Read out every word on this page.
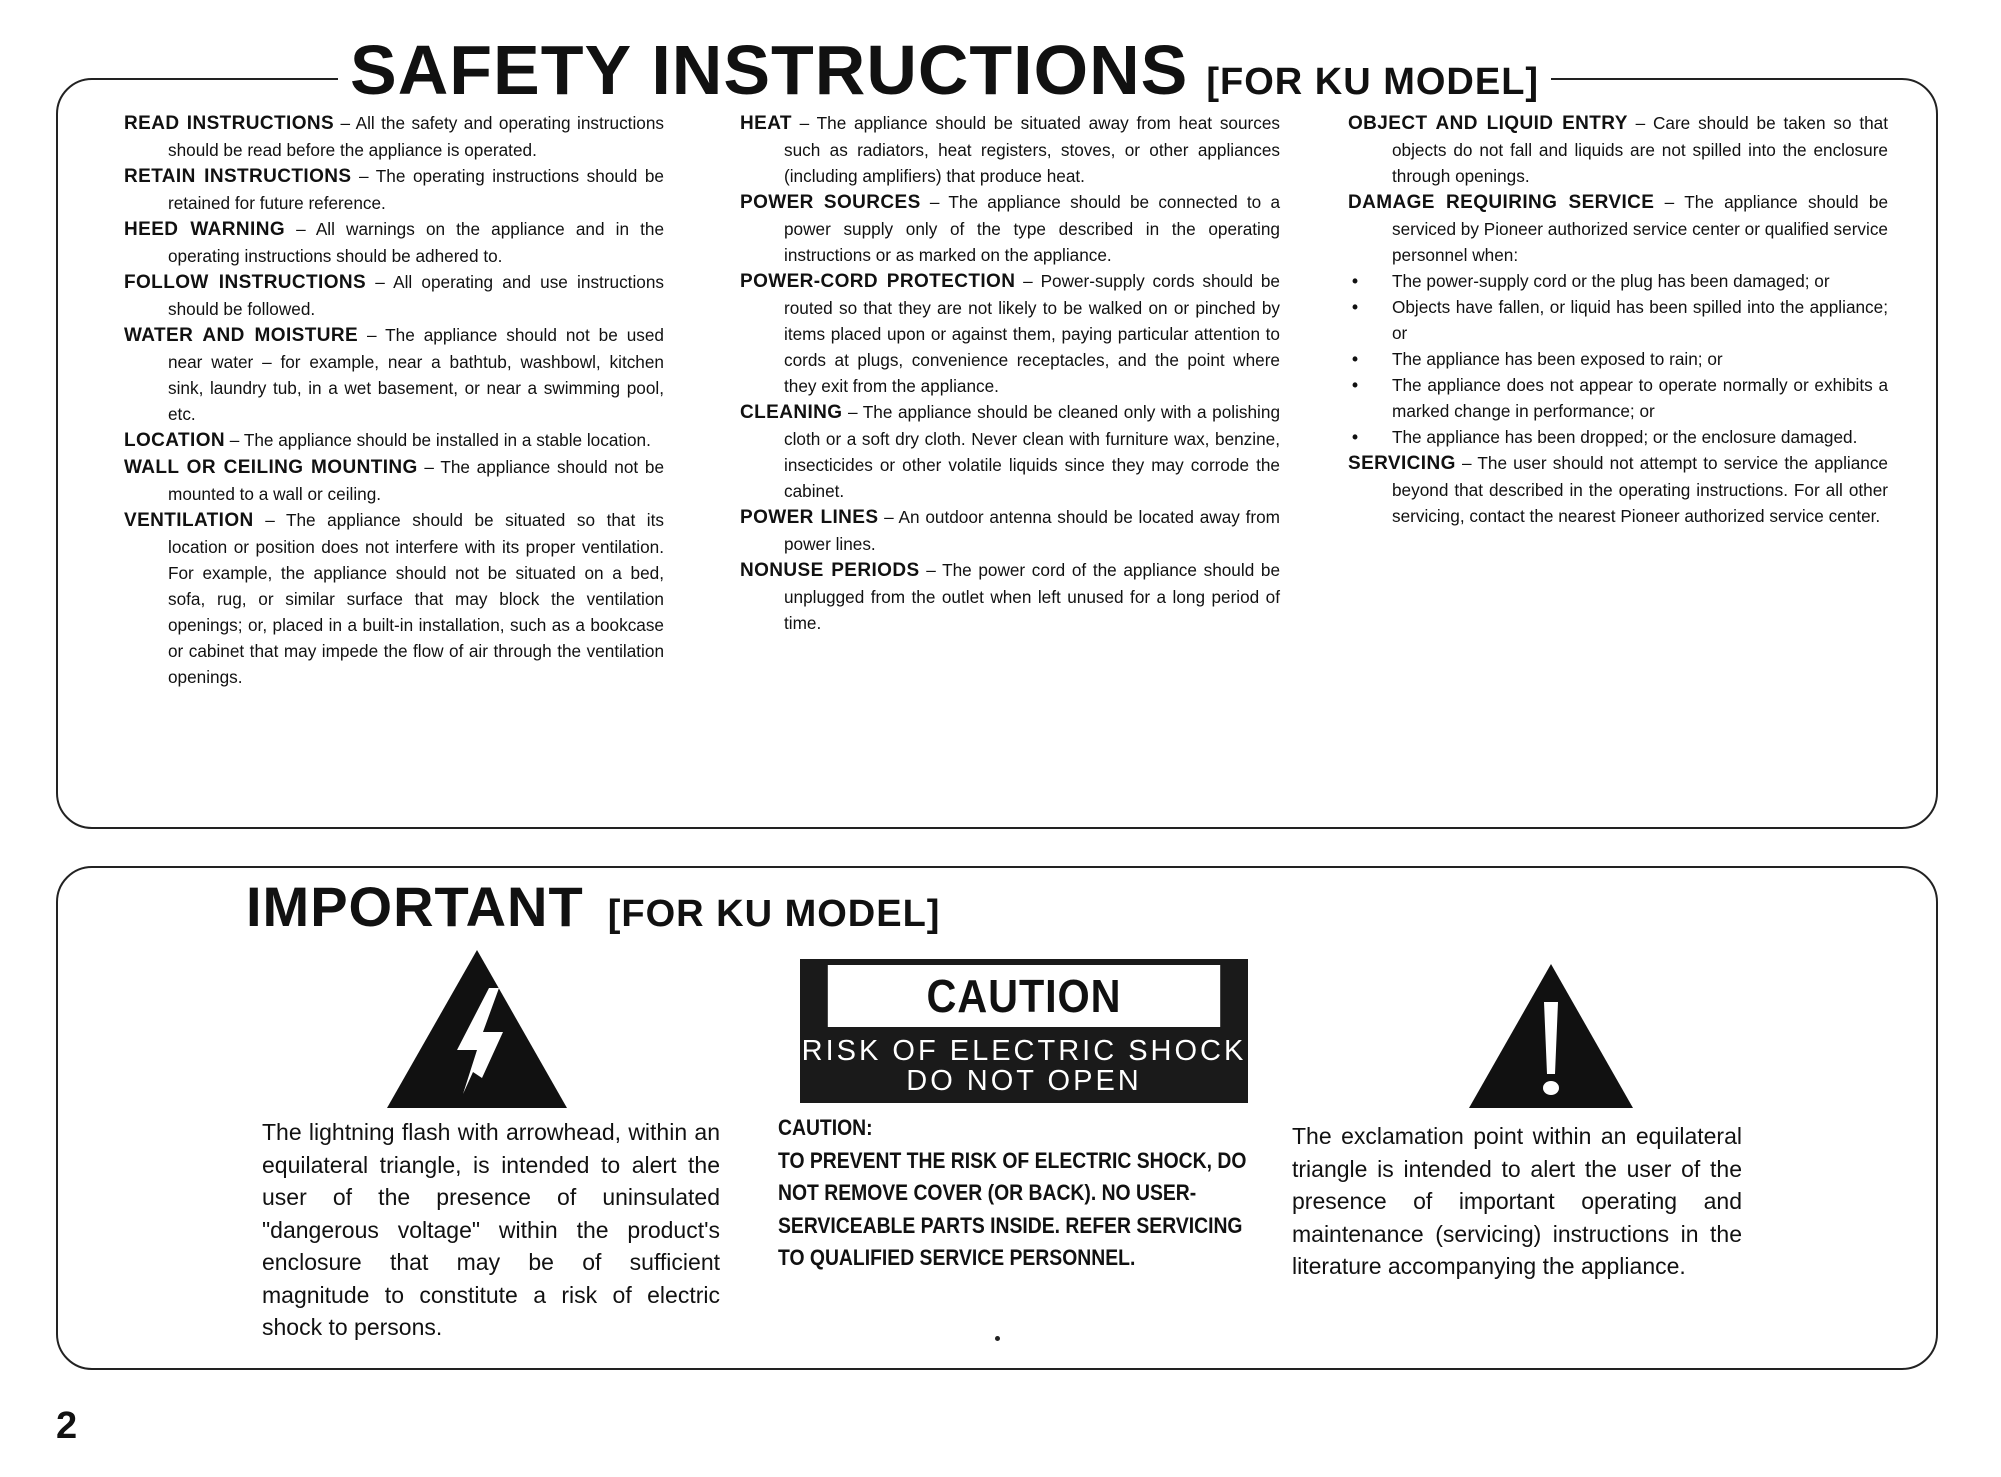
SAFETY INSTRUCTIONS [FOR KU MODEL]

READ INSTRUCTIONS – All the safety and operating instructions should be read before the appliance is operated.

RETAIN INSTRUCTIONS – The operating instructions should be retained for future reference.

HEED WARNING – All warnings on the appliance and in the operating instructions should be adhered to.

FOLLOW INSTRUCTIONS – All operating and use instructions should be followed.

WATER AND MOISTURE – The appliance should not be used near water – for example, near a bathtub, washbowl, kitchen sink, laundry tub, in a wet basement, or near a swimming pool, etc.

LOCATION – The appliance should be installed in a stable location.

WALL OR CEILING MOUNTING – The appliance should not be mounted to a wall or ceiling.

VENTILATION – The appliance should be situated so that its location or position does not interfere with its proper ventilation. For example, the appliance should not be situated on a bed, sofa, rug, or similar surface that may block the ventilation openings; or, placed in a built-in installation, such as a bookcase or cabinet that may impede the flow of air through the ventilation openings.

HEAT – The appliance should be situated away from heat sources such as radiators, heat registers, stoves, or other appliances (including amplifiers) that produce heat.

POWER SOURCES – The appliance should be connected to a power supply only of the type described in the operating instructions or as marked on the appliance.

POWER-CORD PROTECTION – Power-supply cords should be routed so that they are not likely to be walked on or pinched by items placed upon or against them, paying particular attention to cords at plugs, convenience receptacles, and the point where they exit from the appliance.

CLEANING – The appliance should be cleaned only with a polishing cloth or a soft dry cloth. Never clean with furniture wax, benzine, insecticides or other volatile liquids since they may corrode the cabinet.

POWER LINES – An outdoor antenna should be located away from power lines.

NONUSE PERIODS – The power cord of the appliance should be unplugged from the outlet when left unused for a long period of time.

OBJECT AND LIQUID ENTRY – Care should be taken so that objects do not fall and liquids are not spilled into the enclosure through openings.

DAMAGE REQUIRING SERVICE – The appliance should be serviced by Pioneer authorized service center or qualified service personnel when:

• The power-supply cord or the plug has been damaged; or
• Objects have fallen, or liquid has been spilled into the appliance; or
• The appliance has been exposed to rain; or
• The appliance does not appear to operate normally or exhibits a marked change in performance; or
• The appliance has been dropped; or the enclosure damaged.

SERVICING – The user should not attempt to service the appliance beyond that described in the operating instructions. For all other servicing, contact the nearest Pioneer authorized service center.

IMPORTANT [FOR KU MODEL]
CAUTION
RISK OF ELECTRIC SHOCK
DO NOT OPEN
The lightning flash with arrowhead, within an equilateral triangle, is intended to alert the user of the presence of uninsulated "dangerous voltage" within the product's enclosure that may be of sufficient magnitude to constitute a risk of electric shock to persons.
CAUTION:
TO PREVENT THE RISK OF ELECTRIC SHOCK, DO
NOT REMOVE COVER (OR BACK). NO USER-
SERVICEABLE PARTS INSIDE. REFER SERVICING
TO QUALIFIED SERVICE PERSONNEL.
The exclamation point within an equilateral triangle is intended to alert the user of the presence of important operating and maintenance (servicing) instructions in the literature accompanying the appliance.
2
